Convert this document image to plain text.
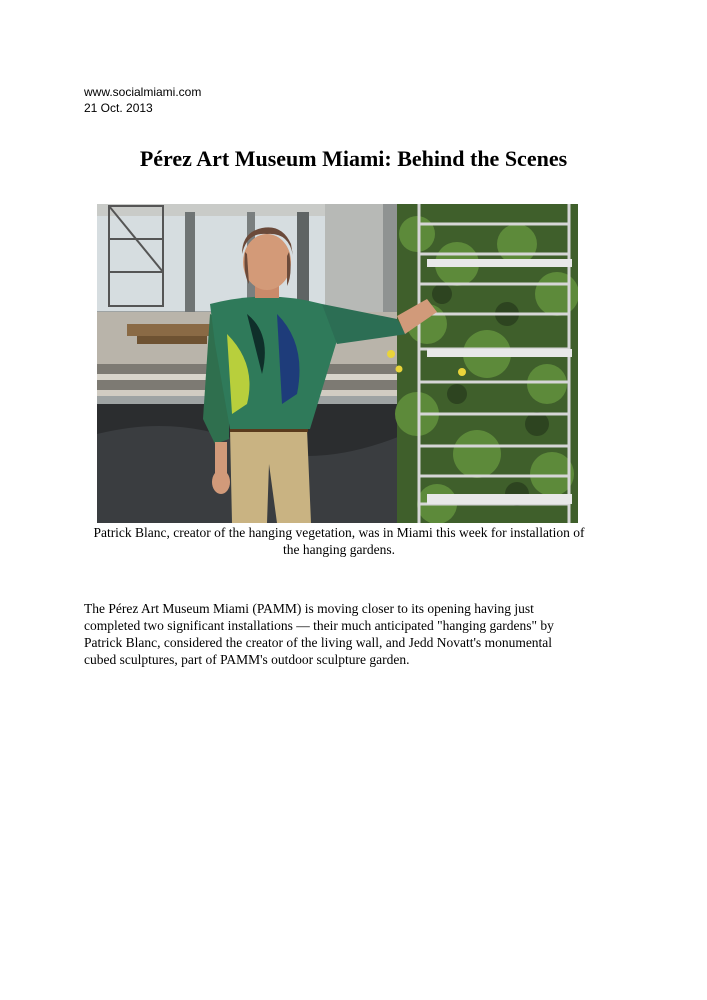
www.socialmiami.com
21 Oct. 2013
Pérez Art Museum Miami: Behind the Scenes
Patrick Blanc, creator of the hanging vegetation, was in Miami this week for installation of the hanging gardens.
The Pérez Art Museum Miami (PAMM) is moving closer to its opening having just completed two significant installations — their much anticipated "hanging gardens" by Patrick Blanc, considered the creator of the living wall, and Jedd Novatt's monumental cubed sculptures, part of PAMM's outdoor sculpture garden.
